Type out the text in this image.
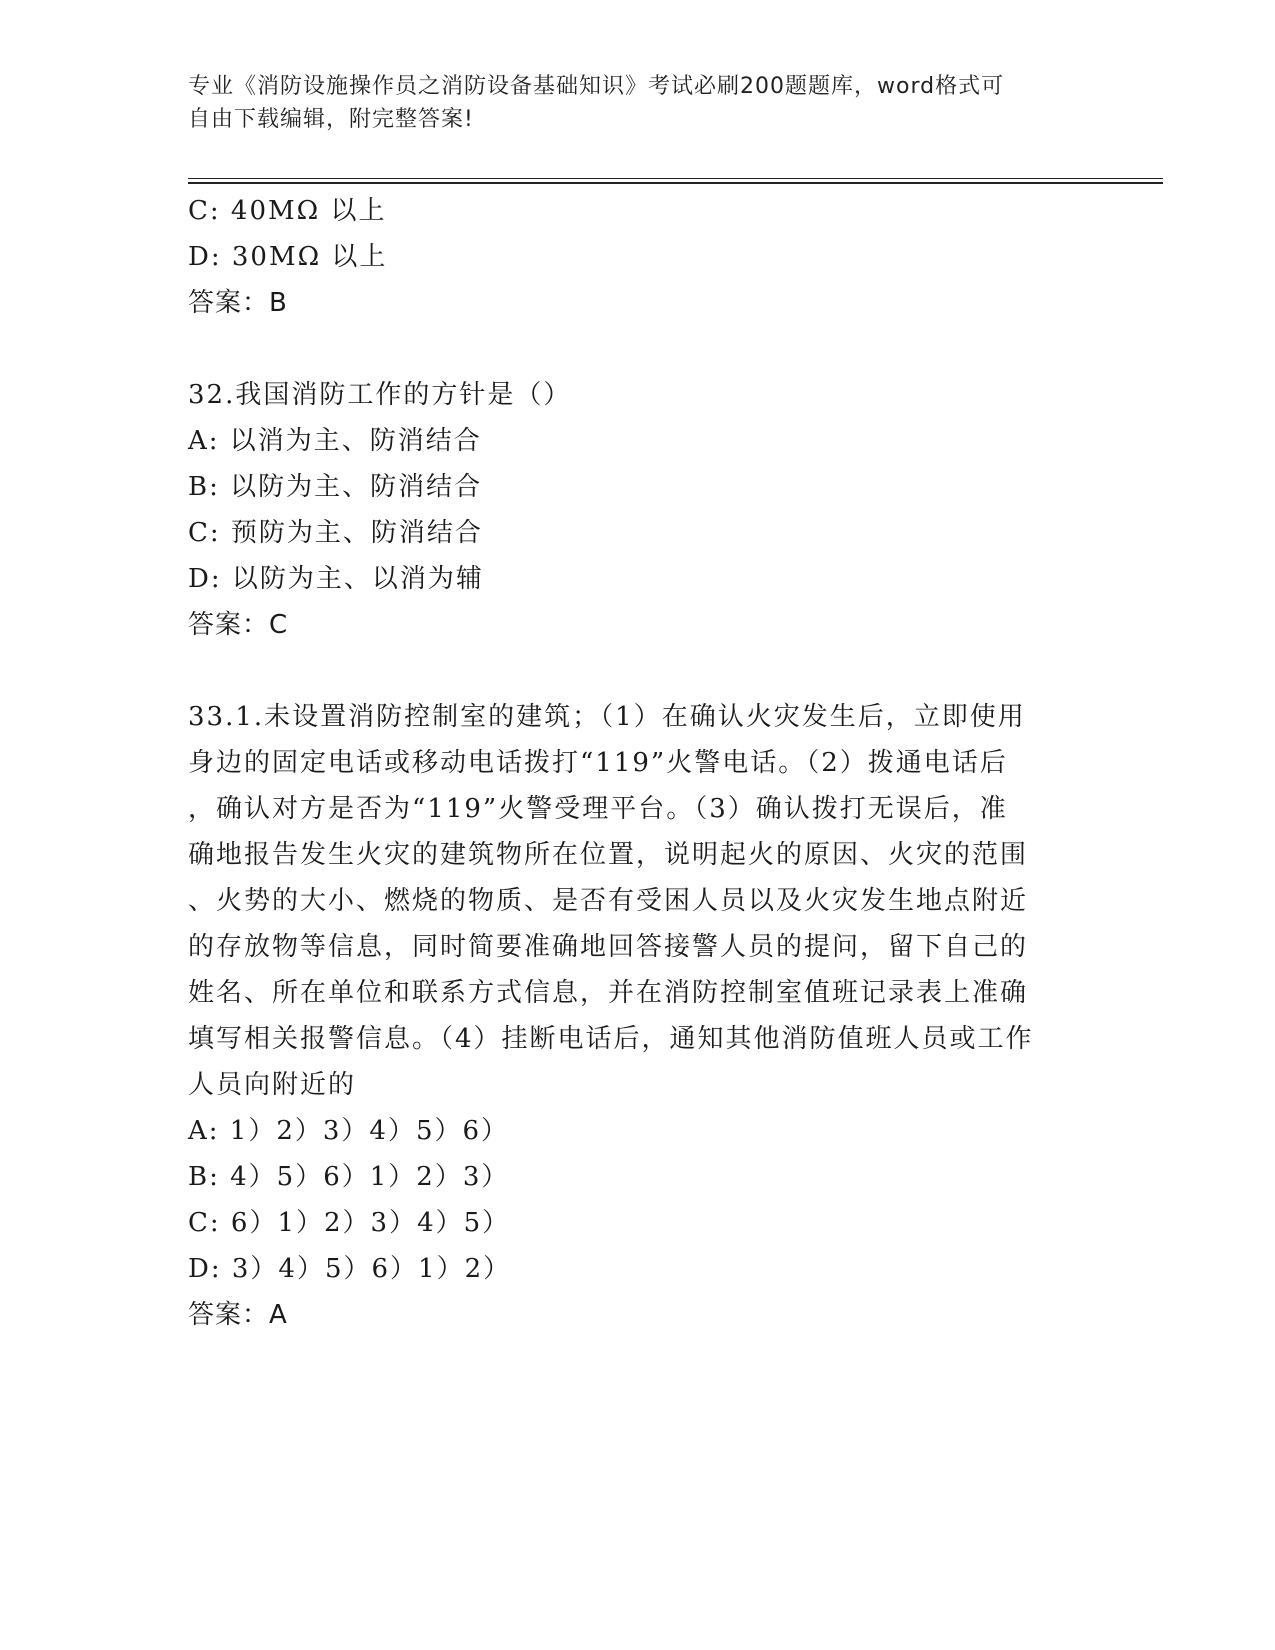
专业《消防设施操作员之消防设备基础知识》考试必刷200题题库，word格式可
自由下载编辑，附完整答案!
C: 40MΩ 以上
D: 30MΩ 以上
答案：B
32.我国消防工作的方针是（）
A: 以消为主、防消结合
B: 以防为主、防消结合
C: 预防为主、防消结合
D: 以防为主、以消为辅
答案：C
33.1.未设置消防控制室的建筑；（1）在确认火灾发生后，立即使用
身边的固定电话或移动电话拨打“119”火警电话。（2）拨通电话后
，确认对方是否为“119”火警受理平台。（3）确认拨打无误后，准
确地报告发生火灾的建筑物所在位置，说明起火的原因、火灾的范围
、火势的大小、燃烧的物质、是否有受困人员以及火灾发生地点附近
的存放物等信息，同时简要准确地回答接警人员的提问，留下自己的
姓名、所在单位和联系方式信息，并在消防控制室值班记录表上准确
填写相关报警信息。（4）挂断电话后，通知其他消防值班人员或工作
人员向附近的
A: 1）2）3）4）5）6）
B: 4）5）6）1）2）3）
C: 6）1）2）3）4）5）
D: 3）4）5）6）1）2）
答案：A
